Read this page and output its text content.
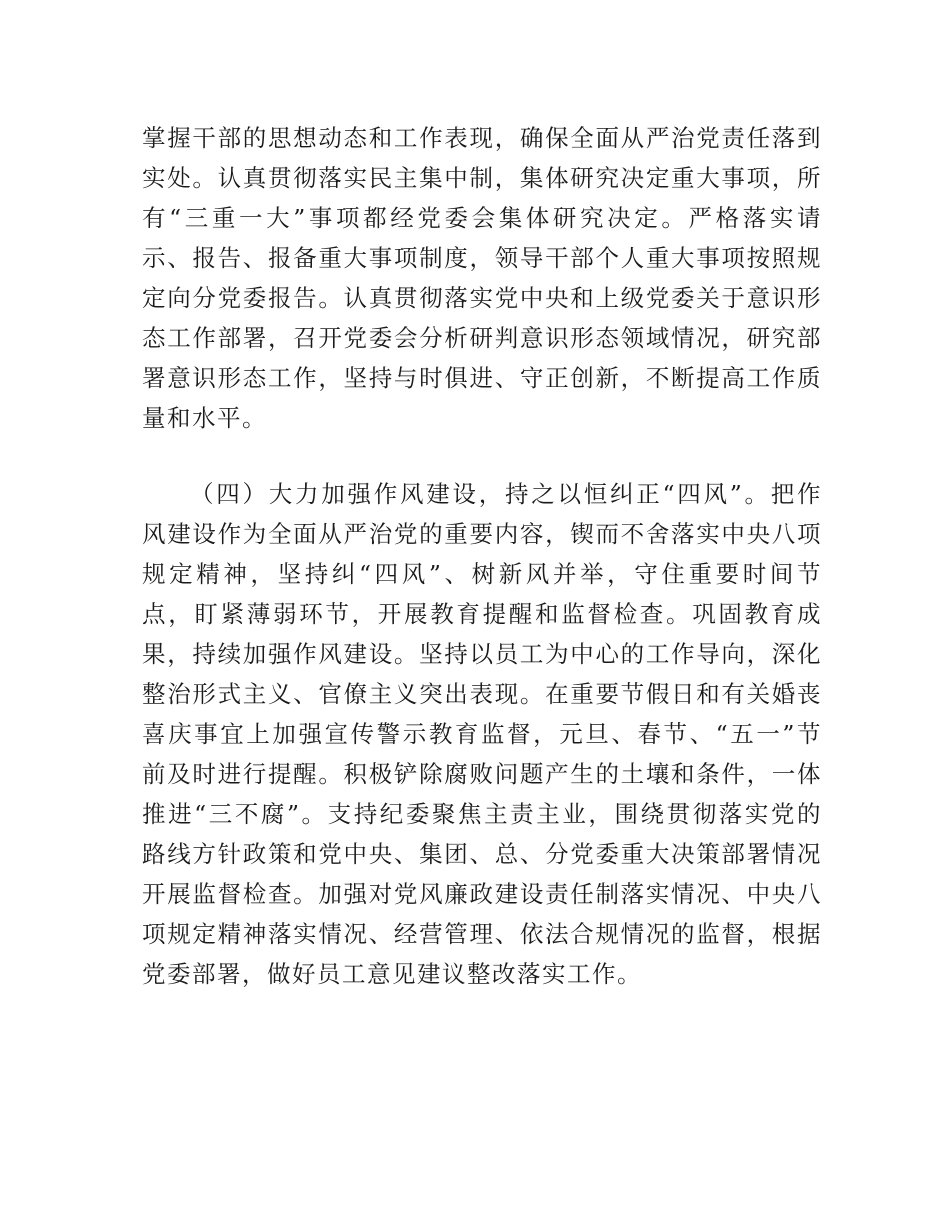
掌握干部的思想动态和工作表现，确保全面从严治党责任落到
实处。认真贯彻落实民主集中制，集体研究决定重大事项，所
有“三重一大”事项都经党委会集体研究决定。严格落实请
示、报告、报备重大事项制度，领导干部个人重大事项按照规
定向分党委报告。认真贯彻落实党中央和上级党委关于意识形
态工作部署，召开党委会分析研判意识形态领域情况，研究部
署意识形态工作，坚持与时俱进、守正创新，不断提高工作质
量和水平。
（四）大力加强作风建设，持之以恒纠正“四风”。把作
风建设作为全面从严治党的重要内容，锲而不舍落实中央八项
规定精神，坚持纠“四风”、树新风并举，守住重要时间节
点，盯紧薄弱环节，开展教育提醒和监督检查。巩固教育成
果，持续加强作风建设。坚持以员工为中心的工作导向，深化
整治形式主义、官僚主义突出表现。在重要节假日和有关婚丧
喜庆事宜上加强宣传警示教育监督，元旦、春节、“五一”节
前及时进行提醒。积极铲除腐败问题产生的土壤和条件，一体
推进“三不腐”。支持纪委聚焦主责主业，围绕贯彻落实党的
路线方针政策和党中央、集团、总、分党委重大决策部署情况
开展监督检查。加强对党风廉政建设责任制落实情况、中央八
项规定精神落实情况、经营管理、依法合规情况的监督，根据
党委部署，做好员工意见建议整改落实工作。
